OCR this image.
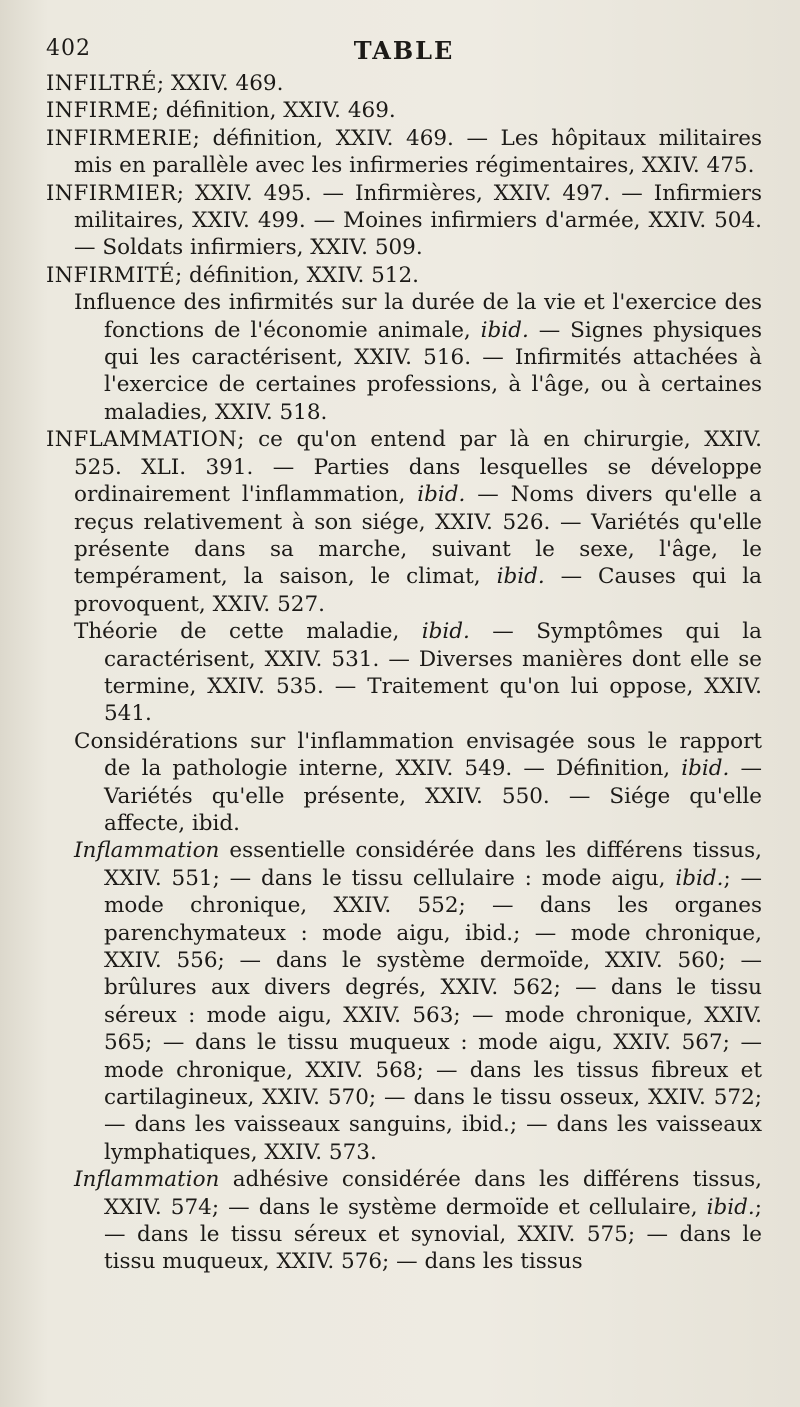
402	TABLE

INFILTRÉ; XXIV. 469.

INFIRME; définition, XXIV. 469.

INFIRMERIE; définition, XXIV. 469. — Les hôpitaux militaires mis en parallèle avec les infirmeries régimentaires, XXIV. 475.

INFIRMIER; XXIV. 495. — Infirmières, XXIV. 497. — Infirmiers militaires, XXIV. 499. — Moines infirmiers d'armée, XXIV. 504. — Soldats infirmiers, XXIV. 509.

INFIRMITÉ; définition, XXIV. 512.

Influence des infirmités sur la durée de la vie et l'exercice des fonctions de l'économie animale, ibid. — Signes physiques qui les caractérisent, XXIV. 516. — Infirmités attachées à l'exercice de certaines professions, à l'âge, ou à certaines maladies, XXIV. 518.

INFLAMMATION; ce qu'on entend par là en chirurgie, XXIV. 525. XLI. 391. — Parties dans lesquelles se développe ordinairement l'inflammation, ibid. — Noms divers qu'elle a reçus relativement à son siége, XXIV. 526. — Variétés qu'elle présente dans sa marche, suivant le sexe, l'âge, le tempérament, la saison, le climat, ibid. — Causes qui la provoquent, XXIV. 527.

Théorie de cette maladie, ibid. — Symptômes qui la caractérisent, XXIV. 531. — Diverses manières dont elle se termine, XXIV. 535. — Traitement qu'on lui oppose, XXIV. 541.

Considérations sur l'inflammation envisagée sous le rapport de la pathologie interne, XXIV. 549. — Définition, ibid. — Variétés qu'elle présente, XXIV. 550. — Siége qu'elle affecte, ibid.

Inflammation essentielle considérée dans les différens tissus, XXIV. 551; — dans le tissu cellulaire : mode aigu, ibid.; — mode chronique, XXIV. 552; — dans les organes parenchymateux : mode aigu, ibid.; — mode chronique, XXIV. 556; — dans le système dermoïde, XXIV. 560; — brûlures aux divers degrés, XXIV. 562; — dans le tissu séreux : mode aigu, XXIV. 563; — mode chronique, XXIV. 565; — dans le tissu muqueux : mode aigu, XXIV. 567; — mode chronique, XXIV. 568; — dans les tissus fibreux et cartilagineux, XXIV. 570; — dans le tissu osseux, XXIV. 572; — dans les vaisseaux sanguins, ibid.; — dans les vaisseaux lymphatiques, XXIV. 573.

Inflammation adhésive considérée dans les différens tissus, XXIV. 574; — dans le système dermoïde et cellulaire, ibid.; — dans le tissu séreux et synovial, XXIV. 575; — dans le tissu muqueux, XXIV. 576; — dans les tissus
